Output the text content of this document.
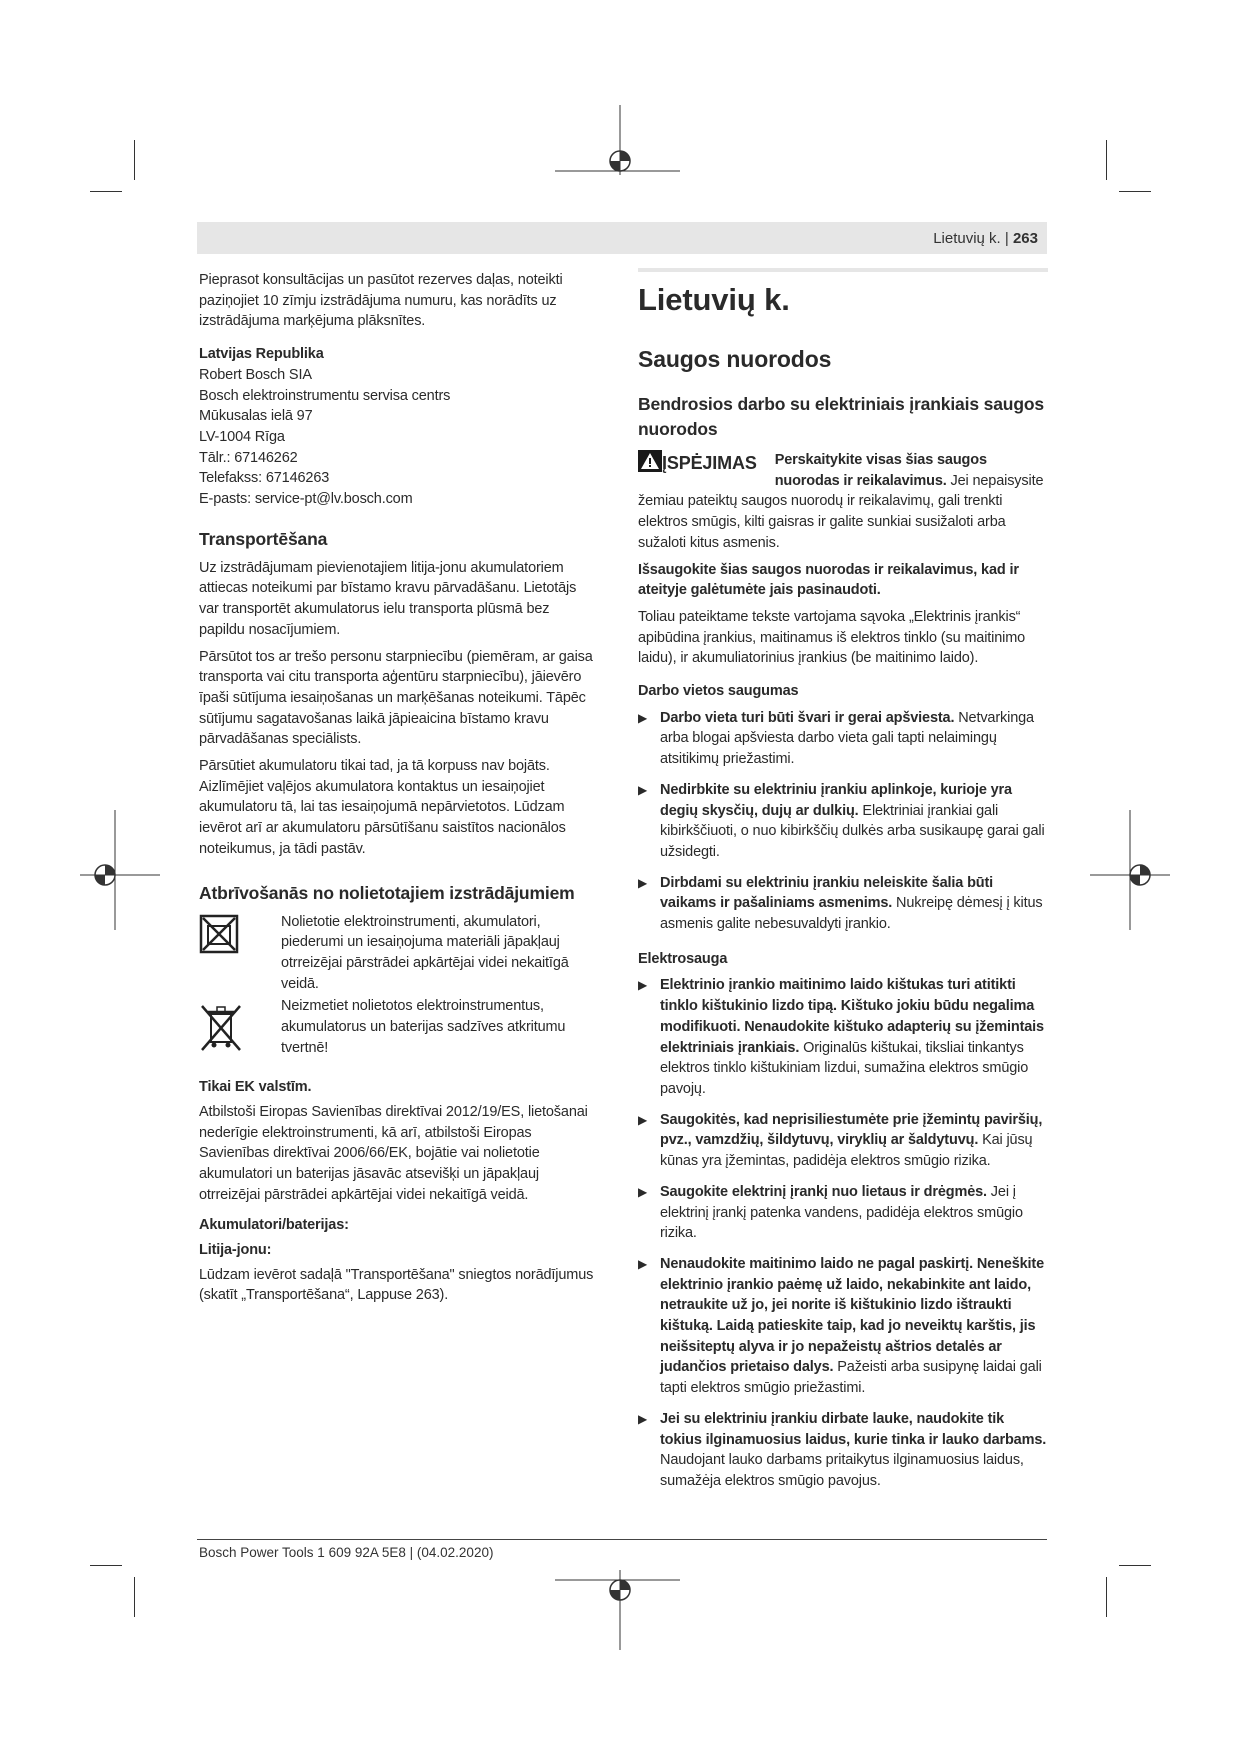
Lietuvių k. | 263

Pieprasot konsultācijas un pasūtot rezerves daļas, noteikti paziņojiet 10 zīmju izstrādājuma numuru, kas norādīts uz izstrādājuma marķējuma plāksnītes.

Latvijas Republika
Robert Bosch SIA
Bosch elektroinstrumentu servisa centrs
Mūkusalas ielā 97
LV-1004 Rīga
Tālr.: 67146262
Telefakss: 67146263
E-pasts: service-pt@lv.bosch.com
Transportēšana

Uz izstrādājumam pievienotajiem litija-jonu akumulatoriem attiecas noteikumi par bīstamo kravu pārvadāšanu. Lietotājs var transportēt akumulatorus ielu transporta plūsmā bez papildu nosacījumiem.

Pārsūtot tos ar trešo personu starpniecību (piemēram, ar gaisa transporta vai citu transporta aģentūru starpniecību), jāievēro īpaši sūtījuma iesaiņošanas un marķēšanas noteikumi. Tāpēc sūtījumu sagatavošanas laikā jāpieaicina bīstamo kravu pārvadāšanas speciālists.

Pārsūtiet akumulatoru tikai tad, ja tā korpuss nav bojāts. Aizlīmējiet vaļējos akumulatora kontaktus un iesaiņojiet akumulatoru tā, lai tas iesaiņojumā nepārvietotos. Lūdzam ievērot arī ar akumulatoru pārsūtīšanu saistītos nacionālos noteikumus, ja tādi pastāv.

Atbrīvošanās no nolietotajiem izstrādājumiem
Nolietotie elektroinstrumenti, akumulatori, piederumi un iesaiņojuma materiāli jāpakļauj otrreizējai pārstrādei apkārtējai videi nekaitīgā veidā.
Neizmetiet nolietotos elektroinstrumentus, akumulatorus un baterijas sadzīves atkritumu tvertnē!
Tikai EK valstīm.

Atbilstoši Eiropas Savienības direktīvai 2012/19/ES, lietošanai nederīgie elektroinstrumenti, kā arī, atbilstoši Eiropas Savienības direktīvai 2006/66/EK, bojātie vai nolietotie akumulatori un baterijas jāsavāc atsevišķi un jāpakļauj otrreizējai pārstrādei apkārtējai videi nekaitīgā veidā.

Akumulatori/baterijas:
Litija-jonu:

Lūdzam ievērot sadaļā "Transportēšana" sniegtos norādījumus (skatīt „Transportēšana“, Lappuse 263).

Lietuvių k.
Saugos nuorodos
Bendrosios darbo su elektriniais įrankiais saugos nuorodos

ĮSPĖJIMAS Perskaitykite visas šias saugos nuorodas ir reikalavimus. Jei nepaisysite žemiau pateiktų saugos nuorodų ir reikalavimų, gali trenkti elektros smūgis, kilti gaisras ir galite sunkiai susižaloti arba sužaloti kitus asmenis.

Išsaugokite šias saugos nuorodas ir reikalavimus, kad ir ateityje galėtumėte jais pasinaudoti.

Toliau pateiktame tekste vartojama sąvoka „Elektrinis įrankis“ apibūdina įrankius, maitinamus iš elektros tinklo (su maitinimo laidu), ir akumuliatorinius įrankius (be maitinimo laido).

Darbo vietos saugumas
▶ Darbo vieta turi būti švari ir gerai apšviesta. Netvarkinga arba blogai apšviesta darbo vieta gali tapti nelaimingų atsitikimų priežastimi.
▶ Nedirbkite su elektriniu įrankiu aplinkoje, kurioje yra degių skysčių, dujų ar dulkių. Elektriniai įrankiai gali kibirkščiuoti, o nuo kibirkščių dulkės arba susikaupę garai gali užsidegti.
▶ Dirbdami su elektriniu įrankiu neleiskite šalia būti vaikams ir pašaliniams asmenims. Nukreipę dėmesį į kitus asmenis galite nebesuvaldyti įrankio.
Elektrosauga
▶ Elektrinio įrankio maitinimo laido kištukas turi atitikti tinklo kištukinio lizdo tipą. Kištuko jokiu būdu negalima modifikuoti. Nenaudokite kištuko adapterių su įžemintais elektriniais įrankiais. Originalūs kištukai, tiksliai tinkantys elektros tinklo kištukiniam lizdui, sumažina elektros smūgio pavojų.
▶ Saugokitės, kad neprisiliestumėte prie įžemintų paviršių, pvz., vamzdžių, šildytuvų, viryklių ar šaldytuvų. Kai jūsų kūnas yra įžemintas, padidėja elektros smūgio rizika.
▶ Saugokite elektrinį įrankį nuo lietaus ir drėgmės. Jei į elektrinį įrankį patenka vandens, padidėja elektros smūgio rizika.
▶ Nenaudokite maitinimo laido ne pagal paskirtį. Neneškite elektrinio įrankio paėmę už laido, nekabinkite ant laido, netraukite už jo, jei norite iš kištukinio lizdo ištraukti kištuką. Laidą patieskite taip, kad jo neveiktų karštis, jis neišsiteptų alyva ir jo nepažeistų aštrios detalės ar judančios prietaiso dalys. Pažeisti arba susipynę laidai gali tapti elektros smūgio priežastimi.
▶ Jei su elektriniu įrankiu dirbate lauke, naudokite tik tokius ilginamuosius laidus, kurie tinka ir lauko darbams. Naudojant lauko darbams pritaikytus ilginamuosius laidus, sumažėja elektros smūgio pavojus.
Bosch Power Tools 1 609 92A 5E8 | (04.02.2020)
